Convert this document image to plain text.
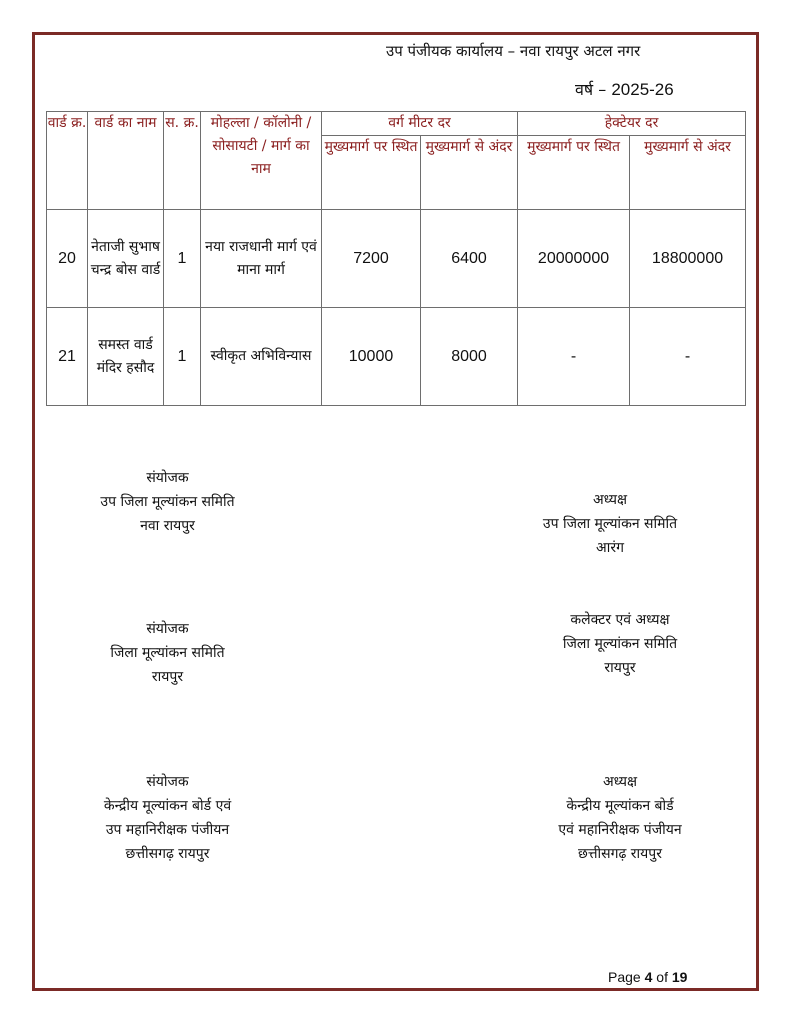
उप पंजीयक कार्यालय – नवा रायपुर अटल नगर
वर्ष – 2025-26
वार्ड क्र.	वार्ड का नाम	स. क्र.	मोहल्ला / कॉलोनी / सोसायटी / मार्ग का नाम	वर्ग मीटर दर		हेक्टेयर दर	
				मुख्यमार्ग पर स्थित	मुख्यमार्ग से अंदर	मुख्यमार्ग पर स्थित	मुख्यमार्ग से अंदर
20	नेताजी सुभाष चन्द्र बोस वार्ड	1	नया राजधानी मार्ग एवं माना मार्ग	7200	6400	20000000	18800000
21	समस्त वार्ड मंदिर हसौद	1	स्वीकृत अभिविन्यास	10000	8000	-	-
संयोजक
उप जिला मूल्यांकन समिति
नवा रायपुर
अध्यक्ष
उप जिला मूल्यांकन समिति
आरंग
संयोजक
जिला मूल्यांकन समिति
रायपुर
कलेक्टर एवं अध्यक्ष
जिला मूल्यांकन समिति
रायपुर
संयोजक
केन्द्रीय मूल्यांकन बोर्ड एवं
उप महानिरीक्षक पंजीयन
छत्तीसगढ़ रायपुर
अध्यक्ष
केन्द्रीय मूल्यांकन बोर्ड
एवं महानिरीक्षक पंजीयन
छत्तीसगढ़ रायपुर
Page 4 of 19
